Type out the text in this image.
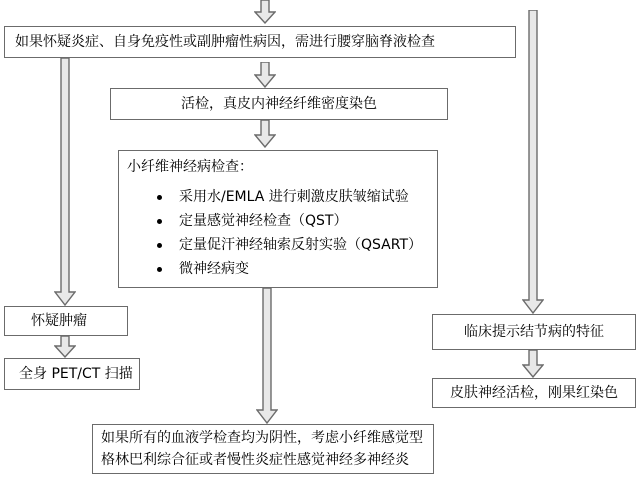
如果怀疑炎症、自身免疫性或副肿瘤性病因，需进行腰穿脑脊液检查
活检，真皮内神经纤维密度染色
小纤维神经病检查：
采用水/EMLA 进行刺激皮肤皱缩试验
定量感觉神经检查（QST）
定量促汗神经轴索反射实验（QSART）
微神经病变
怀疑肿瘤
全身 PET/CT 扫描
临床提示结节病的特征
皮肤神经活检，刚果红染色
如果所有的血液学检查均为阴性，考虑小纤维感觉型格林巴利综合征或者慢性炎症性感觉神经多神经炎
